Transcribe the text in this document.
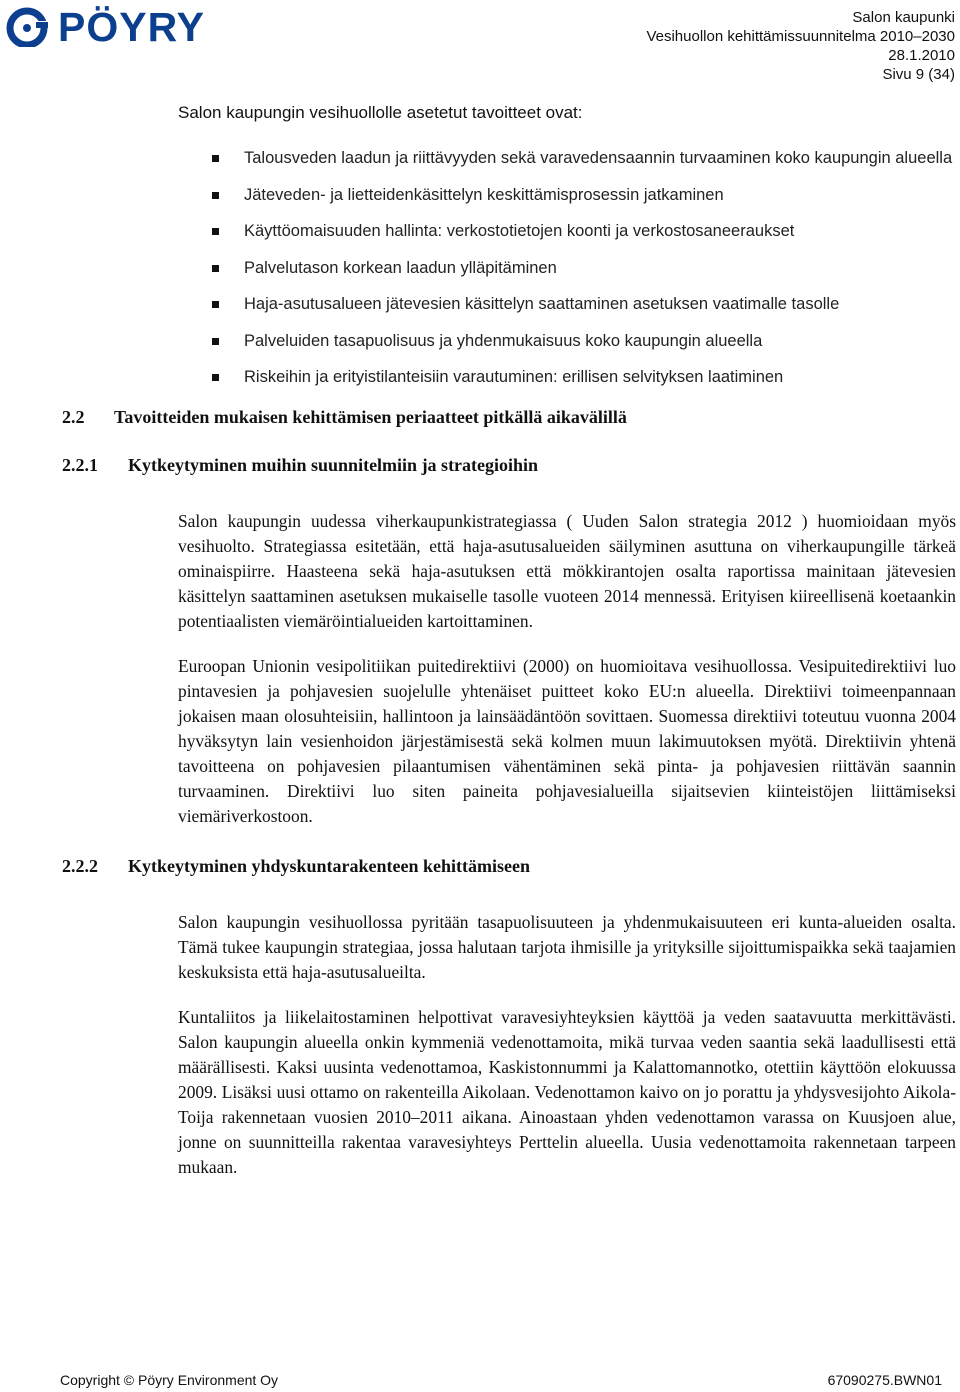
PÖYRY	Salon kaupunki
Vesihuollon kehittämissuunnitelma 2010–2030
28.1.2010
Sivu 9 (34)

Salon kaupungin vesihuollolle asetetut tavoitteet ovat:

Talousveden laadun ja riittävyyden sekä varavedensaannin turvaaminen koko kaupungin alueella
Jäteveden- ja lietteidenkäsittelyn keskittämisprosessin jatkaminen
Käyttöomaisuuden hallinta: verkostotietojen koonti ja verkostosaneeraukset
Palvelutason korkean laadun ylläpitäminen
Haja-asutusalueen jätevesien käsittelyn saattaminen asetuksen vaatimalle tasolle
Palveluiden tasapuolisuus ja yhdenmukaisuus koko kaupungin alueella
Riskeihin ja erityistilanteisiin varautuminen: erillisen selvityksen laatiminen
2.2	Tavoitteiden mukaisen kehittämisen periaatteet pitkällä aikavälillä
2.2.1	Kytkeytyminen muihin suunnitelmiin ja strategioihin

Salon kaupungin uudessa viherkaupunkistrategiassa ( Uuden Salon strategia 2012 ) huomioidaan myös vesihuolto. Strategiassa esitetään, että haja-asutusalueiden säilyminen asuttuna on viherkaupungille tärkeä ominaispiirre. Haasteena sekä haja-asutuksen että mökkirantojen osalta raportissa mainitaan jätevesien käsittelyn saattaminen asetuksen mukaiselle tasolle vuoteen 2014 mennessä. Erityisen kiireellisenä koetaankin potentiaalisten viemäröintialueiden kartoittaminen.

Euroopan Unionin vesipolitiikan puitedirektiivi (2000) on huomioitava vesihuollossa. Vesipuitedirektiivi luo pintavesien ja pohjavesien suojelulle yhtenäiset puitteet koko EU:n alueella. Direktiivi toimeenpannaan jokaisen maan olosuhteisiin, hallintoon ja lainsäädäntöön sovittaen. Suomessa direktiivi toteutuu vuonna 2004 hyväksytyn lain vesienhoidon järjestämisestä sekä kolmen muun lakimuutoksen myötä. Direktiivin yhtenä tavoitteena on pohjavesien pilaantumisen vähentäminen sekä pinta- ja pohjavesien riittävän saannin turvaaminen. Direktiivi luo siten paineita pohjavesialueilla sijaitsevien kiinteistöjen liittämiseksi viemäriverkostoon.

2.2.2	Kytkeytyminen yhdyskuntarakenteen kehittämiseen

Salon kaupungin vesihuollossa pyritään tasapuolisuuteen ja yhdenmukaisuuteen eri kunta-alueiden osalta. Tämä tukee kaupungin strategiaa, jossa halutaan tarjota ihmisille ja yrityksille sijoittumispaikka sekä taajamien keskuksista että haja-asutusalueilta.

Kuntaliitos ja liikelaitostaminen helpottivat varavesiyhteyksien käyttöä ja veden saatavuutta merkittävästi. Salon kaupungin alueella onkin kymmeniä vedenottamoita, mikä turvaa veden saantia sekä laadullisesti että määrällisesti. Kaksi uusinta vedenottamoa, Kaskistonnummi ja Kalattomannotko, otettiin käyttöön elokuussa 2009. Lisäksi uusi ottamo on rakenteilla Aikolaan. Vedenottamon kaivo on jo porattu ja yhdysvesijohto Aikola-Toija rakennetaan vuosien 2010–2011 aikana. Ainoastaan yhden vedenottamon varassa on Kuusjoen alue, jonne on suunnitteilla rakentaa varavesiyhteys Perttelin alueella. Uusia vedenottamoita rakennetaan tarpeen mukaan.

Copyright © Pöyry Environment Oy	67090275.BWN01
